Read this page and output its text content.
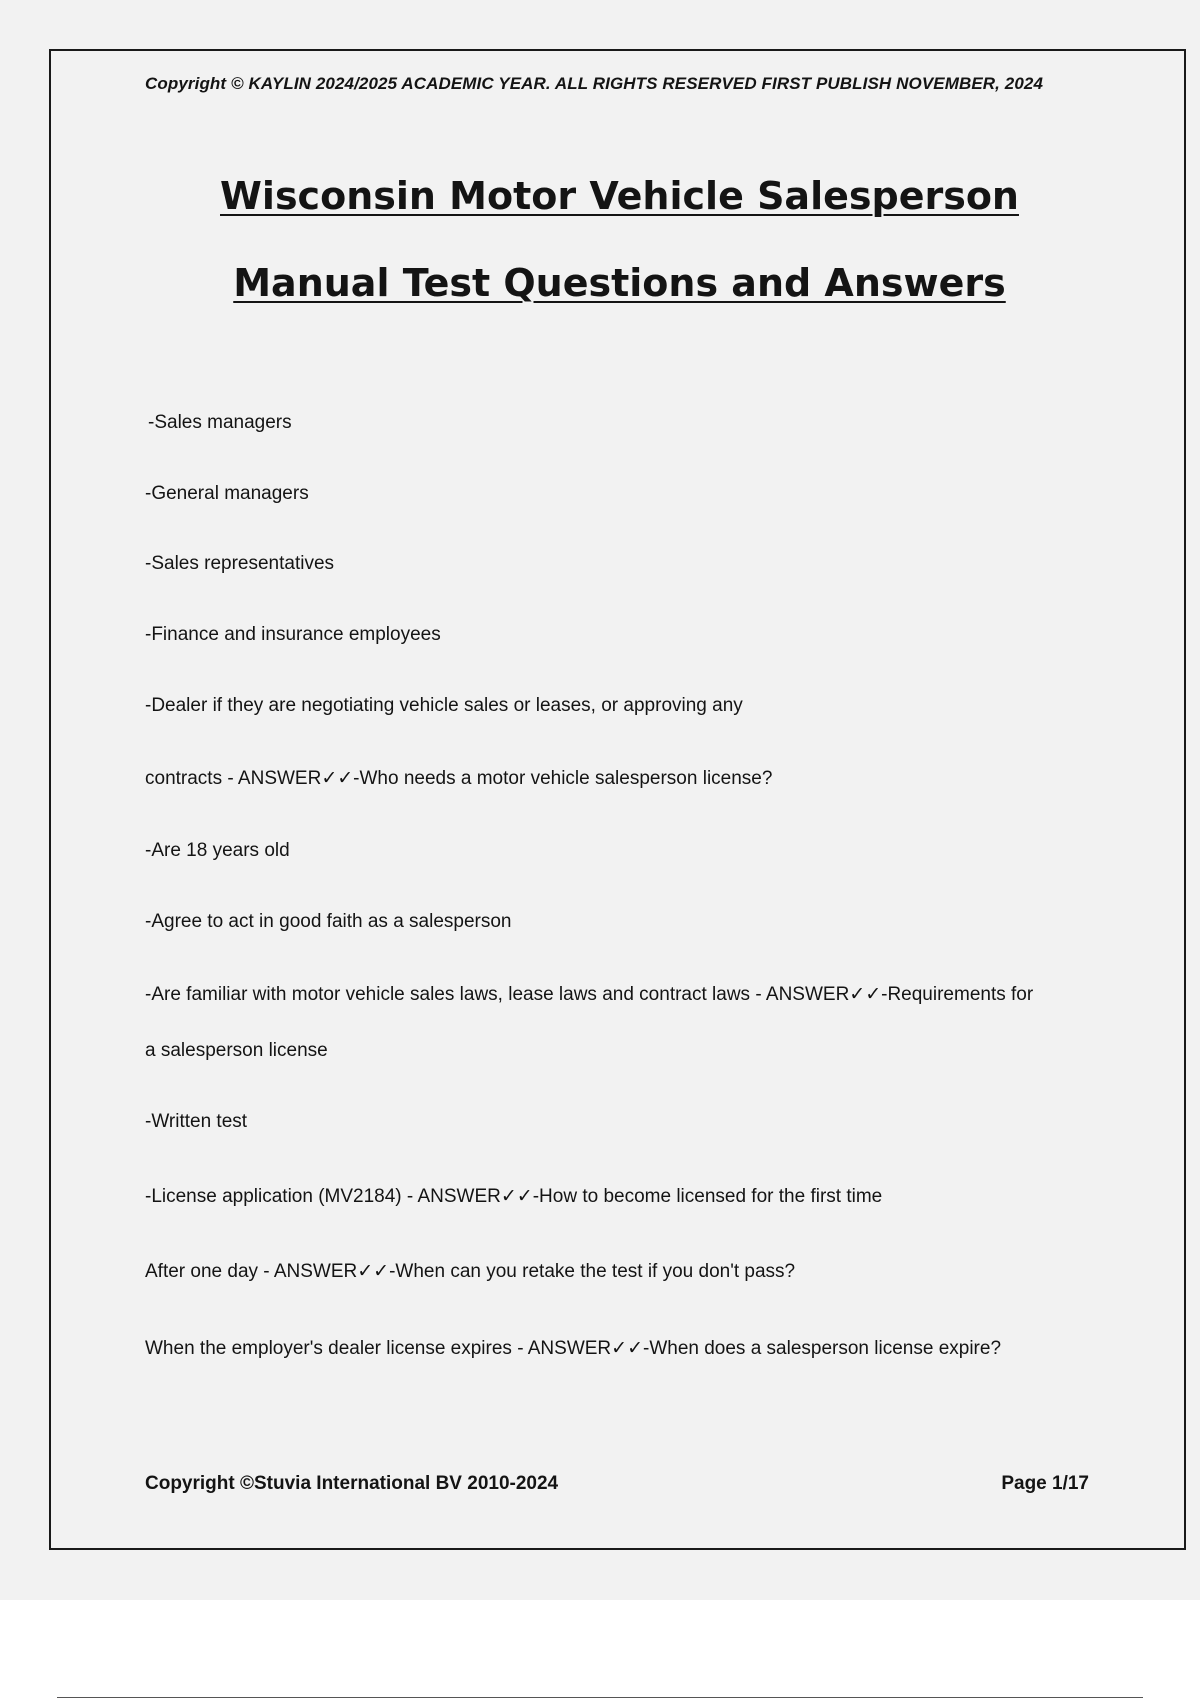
Copyright © KAYLIN 2024/2025 ACADEMIC YEAR. ALL RIGHTS RESERVED FIRST PUBLISH NOVEMBER, 2024
Wisconsin Motor Vehicle Salesperson
Manual Test Questions and Answers
-Sales managers
-General managers
-Sales representatives
-Finance and insurance employees
-Dealer if they are negotiating vehicle sales or leases, or approving any
contracts - ANSWER✓✓-Who needs a motor vehicle salesperson license?
-Are 18 years old
-Agree to act in good faith as a salesperson
-Are familiar with motor vehicle sales laws, lease laws and contract laws - ANSWER✓✓-Requirements for
a salesperson license
-Written test
-License application (MV2184) - ANSWER✓✓-How to become licensed for the first time
After one day - ANSWER✓✓-When can you retake the test if you don't pass?
When the employer's dealer license expires - ANSWER✓✓-When does a salesperson license expire?
Copyright ©Stuvia International BV 2010-2024	Page 1/17
